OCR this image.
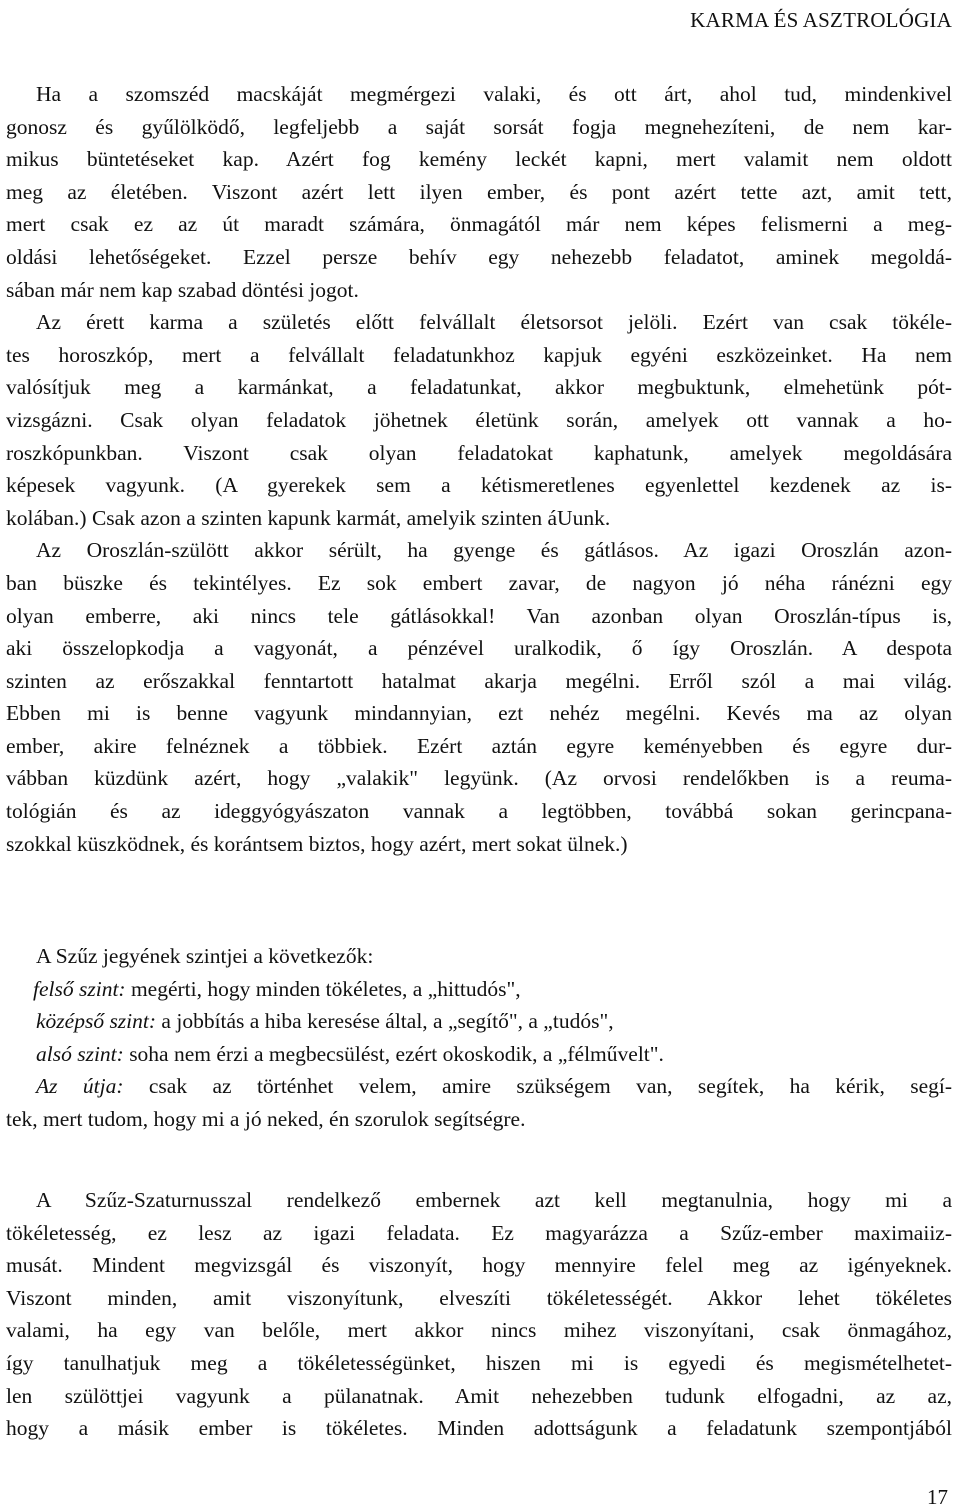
KARMA ÉS ASZTROLÓGIA
Ha a szomszéd macskáját megmérgezi valaki, és ott árt, ahol tud, mindenkivel
gonosz és gyűlölködő, legfeljebb a saját sorsát fogja megnehezíteni, de nem kar-
mikus büntetéseket kap. Azért fog kemény leckét kapni, mert valamit nem oldott
meg az életében. Viszont azért lett ilyen ember, és pont azért tette azt, amit tett,
mert csak ez az út maradt számára, önmagától már nem képes felismerni a meg-
oldási lehetőségeket. Ezzel persze behív egy nehezebb feladatot, aminek megoldá-
sában már nem kap szabad döntési jogot.
Az érett karma a születés előtt felvállalt életsorsot jelöli. Ezért van csak tökéle-
tes horoszkóp, mert a felvállalt feladatunkhoz kapjuk egyéni eszközeinket. Ha nem
valósítjuk meg a karmánkat, a feladatunkat, akkor megbuktunk, elmehetünk pót-
vizsgázni. Csak olyan feladatok jöhetnek életünk során, amelyek ott vannak a ho-
roszkópunkban. Viszont csak olyan feladatokat kaphatunk, amelyek megoldására
képesek vagyunk. (A gyerekek sem a kétismeretlenes egyenlettel kezdenek az is-
kolában.) Csak azon a szinten kapunk karmát, amelyik szinten áUunk.
Az Oroszlán-szülött akkor sérült, ha gyenge és gátlásos. Az igazi Oroszlán azon-
ban büszke és tekintélyes. Ez sok embert zavar, de nagyon jó néha ránézni egy
olyan emberre, aki nincs tele gátlásokkal! Van azonban olyan Oroszlán-típus is,
aki összelopkodja a vagyonát, a pénzével uralkodik, ő így Oroszlán. A despota
szinten az erőszakkal fenntartott hatalmat akarja megélni. Erről szól a mai világ.
Ebben mi is benne vagyunk mindannyian, ezt nehéz megélni. Kevés ma az olyan
ember, akire felnéznek a többiek. Ezért aztán egyre keményebben és egyre dur-
vábban küzdünk azért, hogy „valakik" legyünk. (Az orvosi rendelőkben is a reuma-
tológián és az ideggyógyászaton vannak a legtöbben, továbbá sokan gerincpana-
szokkal küszködnek, és korántsem biztos, hogy azért, mert sokat ülnek.)
A Szűz jegyének szintjei a következők:
felső szint: megérti, hogy minden tökéletes, a „hittudós",
középső szint: a jobbítás a hiba keresése által, a „segítő", a „tudós",
alsó szint: soha nem érzi a megbecsülést, ezért okoskodik, a „félművelt".
Az útja: csak az történhet velem, amire szükségem van, segítek, ha kérik, segí-
tek, mert tudom, hogy mi a jó neked, én szorulok segítségre.
A Szűz-Szaturnusszal rendelkező embernek azt kell megtanulnia, hogy mi a
tökéletesség, ez lesz az igazi feladata. Ez magyarázza a Szűz-ember maximaiiz-
musát. Mindent megvizsgál és viszonyít, hogy mennyire felel meg az igényeknek.
Viszont minden, amit viszonyítunk, elveszíti tökéletességét. Akkor lehet tökéletes
valami, ha egy van belőle, mert akkor nincs mihez viszonyítani, csak önmagához,
így tanulhatjuk meg a tökéletességünket, hiszen mi is egyedi és megismételhetet-
len szülöttjei vagyunk a pülanatnak. Amit nehezebben tudunk elfogadni, az az,
hogy a másik ember is tökéletes. Minden adottságunk a feladatunk szempontjából
17
